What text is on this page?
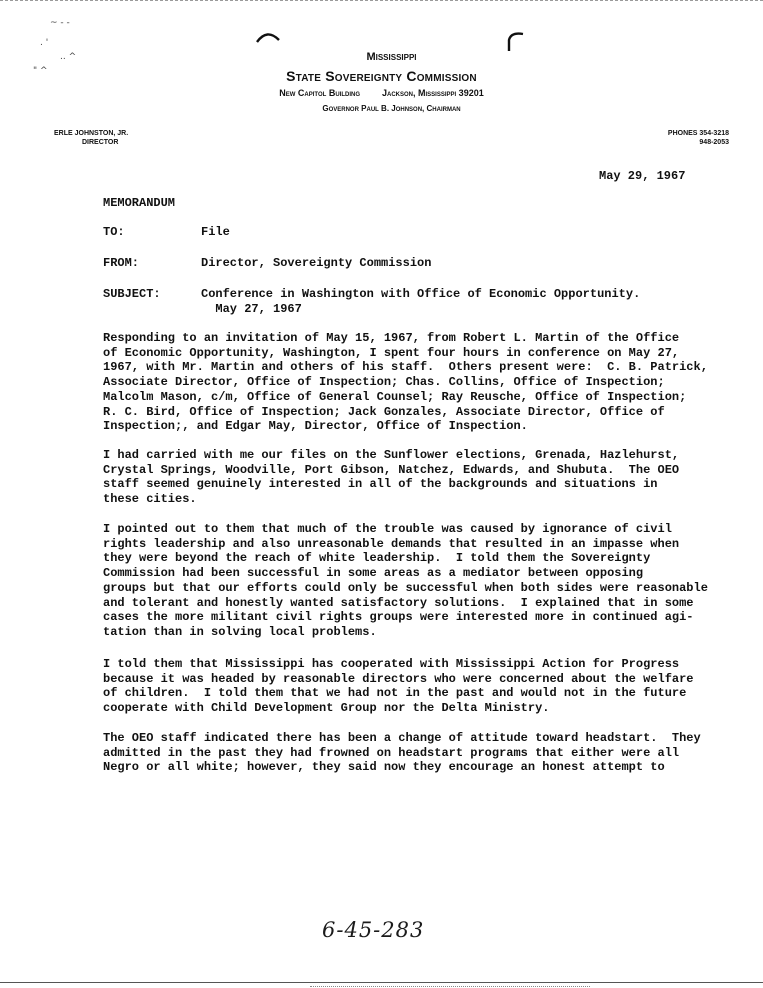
~ - -
. '
.. ^
" ^
Mississippi
State Sovereignty Commission
New Capitol Building Jackson, Mississippi 39201
Governor Paul B. Johnson, Chairman
ERLE JOHNSTON, JR.
DIRECTOR
PHONES 354-3218
948-2053
May 29, 1967
MEMORANDUM
TO:	File
FROM:	Director, Sovereignty Commission
SUBJECT:	Conference in Washington with Office of Economic Opportunity.
May 27, 1967
Responding to an invitation of May 15, 1967, from Robert L. Martin of the Office
of Economic Opportunity, Washington, I spent four hours in conference on May 27,
1967, with Mr. Martin and others of his staff.  Others present were:  C. B. Patrick,
Associate Director, Office of Inspection; Chas. Collins, Office of Inspection;
Malcolm Mason, c/m, Office of General Counsel; Ray Reusche, Office of Inspection;
R. C. Bird, Office of Inspection; Jack Gonzales, Associate Director, Office of
Inspection;, and Edgar May, Director, Office of Inspection.
I had carried with me our files on the Sunflower elections, Grenada, Hazlehurst,
Crystal Springs, Woodville, Port Gibson, Natchez, Edwards, and Shubuta.  The OEO
staff seemed genuinely interested in all of the backgrounds and situations in
these cities.
I pointed out to them that much of the trouble was caused by ignorance of civil
rights leadership and also unreasonable demands that resulted in an impasse when
they were beyond the reach of white leadership.  I told them the Sovereignty
Commission had been successful in some areas as a mediator between opposing
groups but that our efforts could only be successful when both sides were reasonable
and tolerant and honestly wanted satisfactory solutions.  I explained that in some
cases the more militant civil rights groups were interested more in continued agi-
tation than in solving local problems.
I told them that Mississippi has cooperated with Mississippi Action for Progress
because it was headed by reasonable directors who were concerned about the welfare
of children.  I told them that we had not in the past and would not in the future
cooperate with Child Development Group nor the Delta Ministry.
The OEO staff indicated there has been a change of attitude toward headstart.  They
admitted in the past they had frowned on headstart programs that either were all
Negro or all white; however, they said now they encourage an honest attempt to
6-45-283
